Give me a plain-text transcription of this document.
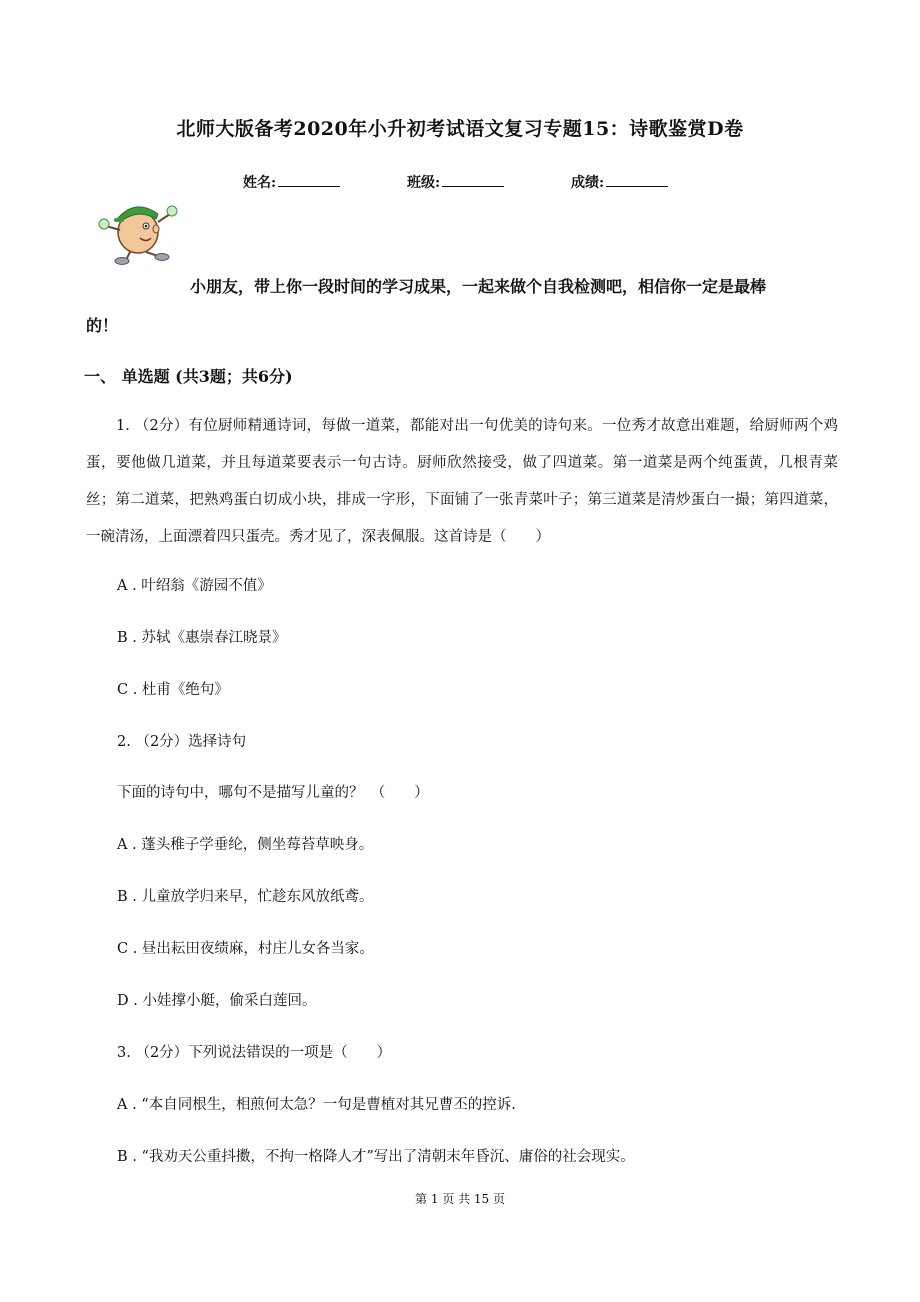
北师大版备考2020年小升初考试语文复习专题15：诗歌鉴赏D卷
姓名:	班级:	成绩:
小朋友，带上你一段时间的学习成果，一起来做个自我检测吧，相信你一定是最棒
的！
一、 单选题 (共3题；共6分)
1. （2分）有位厨师精通诗词，每做一道菜，都能对出一句优美的诗句来。一位秀才故意出难题，给厨师两个鸡蛋，要他做几道菜，并且每道菜要表示一句古诗。厨师欣然接受，做了四道菜。第一道菜是两个纯蛋黄，几根青菜丝；第二道菜，把熟鸡蛋白切成小块，排成一字形，下面铺了一张青菜叶子；第三道菜是清炒蛋白一撮；第四道菜，一碗清汤，上面漂着四只蛋壳。秀才见了，深表佩服。这首诗是（　　）
A . 叶绍翁《游园不值》
B . 苏轼《惠崇春江晓景》
C . 杜甫《绝句》
2. （2分）选择诗句
下面的诗句中，哪句不是描写儿童的？　（　　）
A . 蓬头稚子学垂纶，侧坐莓苔草映身。
B . 儿童放学归来早，忙趁东风放纸鸢。
C . 昼出耘田夜绩麻，村庄儿女各当家。
D . 小娃撑小艇，偷采白莲回。
3. （2分）下列说法错误的一项是（　　）
A . “本自同根生，相煎何太急？一句是曹植对其兄曹丕的控诉.
B . “我劝天公重抖擞，不拘一格降人才”写出了清朝末年昏沉、庸俗的社会现实。
第 1 页 共 15 页
